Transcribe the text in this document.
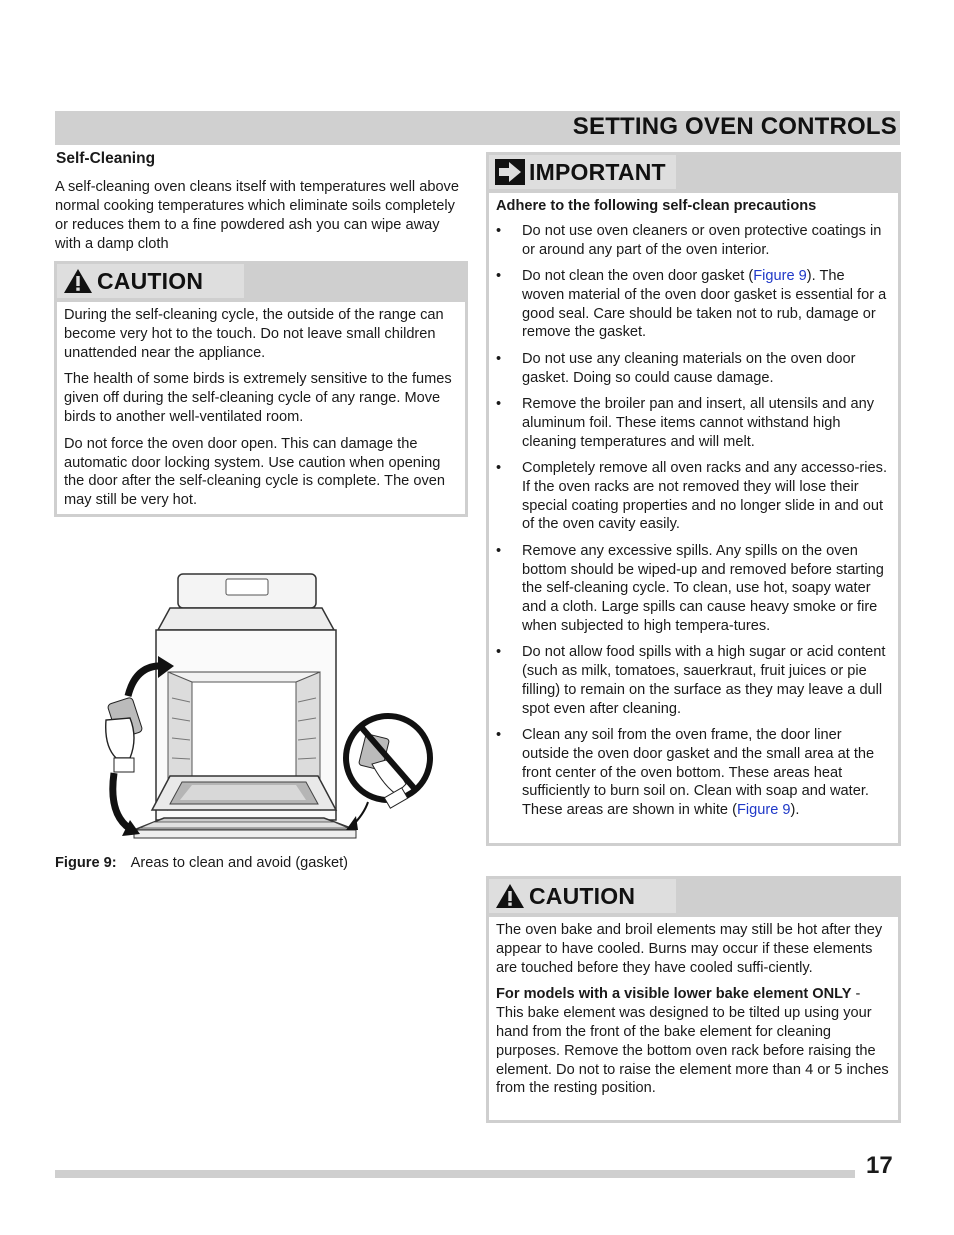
SETTING OVEN CONTROLS
Self-Cleaning

A self-cleaning oven cleans itself with temperatures well above normal cooking temperatures which eliminate soils completely or reduces them to a fine powdered ash you can wipe away with a damp cloth

CAUTION

During the self-cleaning cycle, the outside of the range can become very hot to the touch. Do not leave small children unattended near the appliance.

The health of some birds is extremely sensitive to the fumes given off during the self-cleaning cycle of any range. Move birds to another well-ventilated room.

Do not force the oven door open. This can damage the automatic door locking system. Use caution when opening the door after the self-cleaning cycle is complete. The oven may still be very hot.

Figure 9: Areas to clean and avoid (gasket)
IMPORTANT

Adhere to the following self-clean precautions

• Do not use oven cleaners or oven protective coatings in or around any part of the oven interior.
• Do not clean the oven door gasket (Figure 9). The woven material of the oven door gasket is essential for a good seal. Care should be taken not to rub, damage or remove the gasket.
• Do not use any cleaning materials on the oven door gasket. Doing so could cause damage.
• Remove the broiler pan and insert, all utensils and any aluminum foil. These items cannot withstand high cleaning temperatures and will melt.
• Completely remove all oven racks and any accesso-ries. If the oven racks are not removed they will lose their special coating properties and no longer slide in and out of the oven cavity easily.
• Remove any excessive spills. Any spills on the oven bottom should be wiped-up and removed before starting the self-cleaning cycle. To clean, use hot, soapy water and a cloth. Large spills can cause heavy smoke or fire when subjected to high tempera-tures.
• Do not allow food spills with a high sugar or acid content (such as milk, tomatoes, sauerkraut, fruit juices or pie filling) to remain on the surface as they may leave a dull spot even after cleaning.
• Clean any soil from the oven frame, the door liner outside the oven door gasket and the small area at the front center of the oven bottom. These areas heat sufficiently to burn soil on. Clean with soap and water. These areas are shown in white (Figure 9).
CAUTION

The oven bake and broil elements may still be hot after they appear to have cooled. Burns may occur if these elements are touched before they have cooled suffi-ciently.

For models with a visible lower bake element ONLY - This bake element was designed to be tilted up using your hand from the front of the bake element for cleaning purposes. Remove the bottom oven rack before raising the element. Do not to raise the element more than 4 or 5 inches from the resting position.

17
